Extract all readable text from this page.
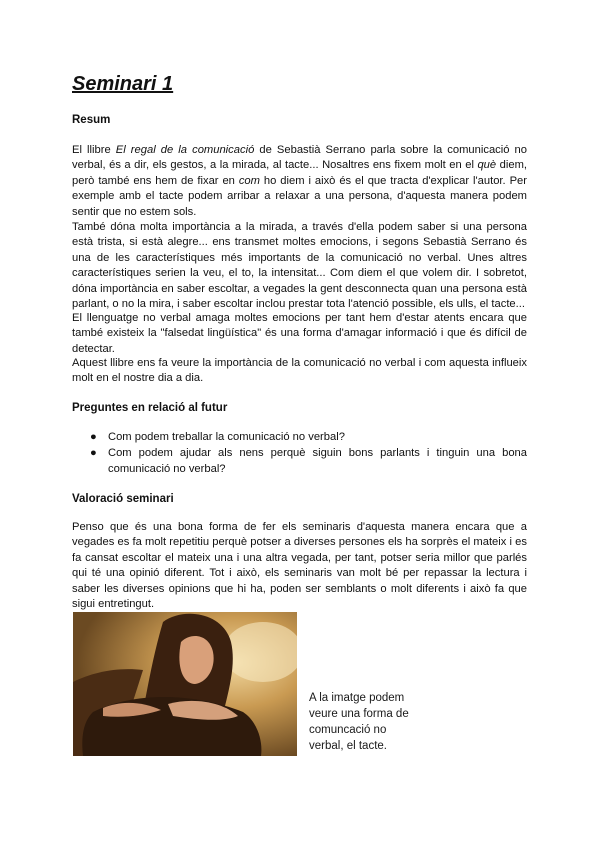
Seminari 1
Resum

El llibre El regal de la comunicació de Sebastià Serrano parla sobre la comunicació no verbal, és a dir, els gestos, a la mirada, al tacte... Nosaltres ens fixem molt en el què diem, però també ens hem de fixar en com ho diem i això és el que tracta d'explicar l'autor. Per exemple amb el tacte podem arribar a relaxar a una persona, d'aquesta manera podem sentir que no estem sols.

També dóna molta importància a la mirada, a través d'ella podem saber si una persona està trista, si està alegre... ens transmet moltes emocions, i segons Sebastià Serrano és una de les característiques més importants de la comunicació no verbal. Unes altres característiques serien la veu, el to, la intensitat... Com diem el que volem dir. I sobretot, dóna importància en saber escoltar, a vegades la gent desconnecta quan una persona està parlant, o no la mira, i saber escoltar inclou prestar tota l'atenció possible, els ulls, el tacte...

El llenguatge no verbal amaga moltes emocions per tant hem d'estar atents encara que també existeix la "falsedat lingüística" és una forma d'amagar informació i que és difícil de detectar.

Aquest llibre ens fa veure la importància de la comunicació no verbal i com aquesta influeix molt en el nostre dia a dia.

Preguntes en relació al futur
● Com podem treballar la comunicació no verbal?
● Com podem ajudar als nens perquè siguin bons parlants i tinguin una bona comunicació no verbal?
Valoració seminari

Penso que és una bona forma de fer els seminaris d'aquesta manera encara que a vegades es fa molt repetitiu perquè potser a diverses persones els ha sorprès el mateix i es fa cansat escoltar el mateix una i una altra vegada, per tant, potser seria millor que parlés qui té una opinió diferent. Tot i això, els seminaris van molt bé per repassar la lectura i saber les diverses opinions que hi ha, poden ser semblants o molt diferents i això fa que sigui entretingut.

A la imatge podem veure una forma de comuncació no verbal, el tacte.
